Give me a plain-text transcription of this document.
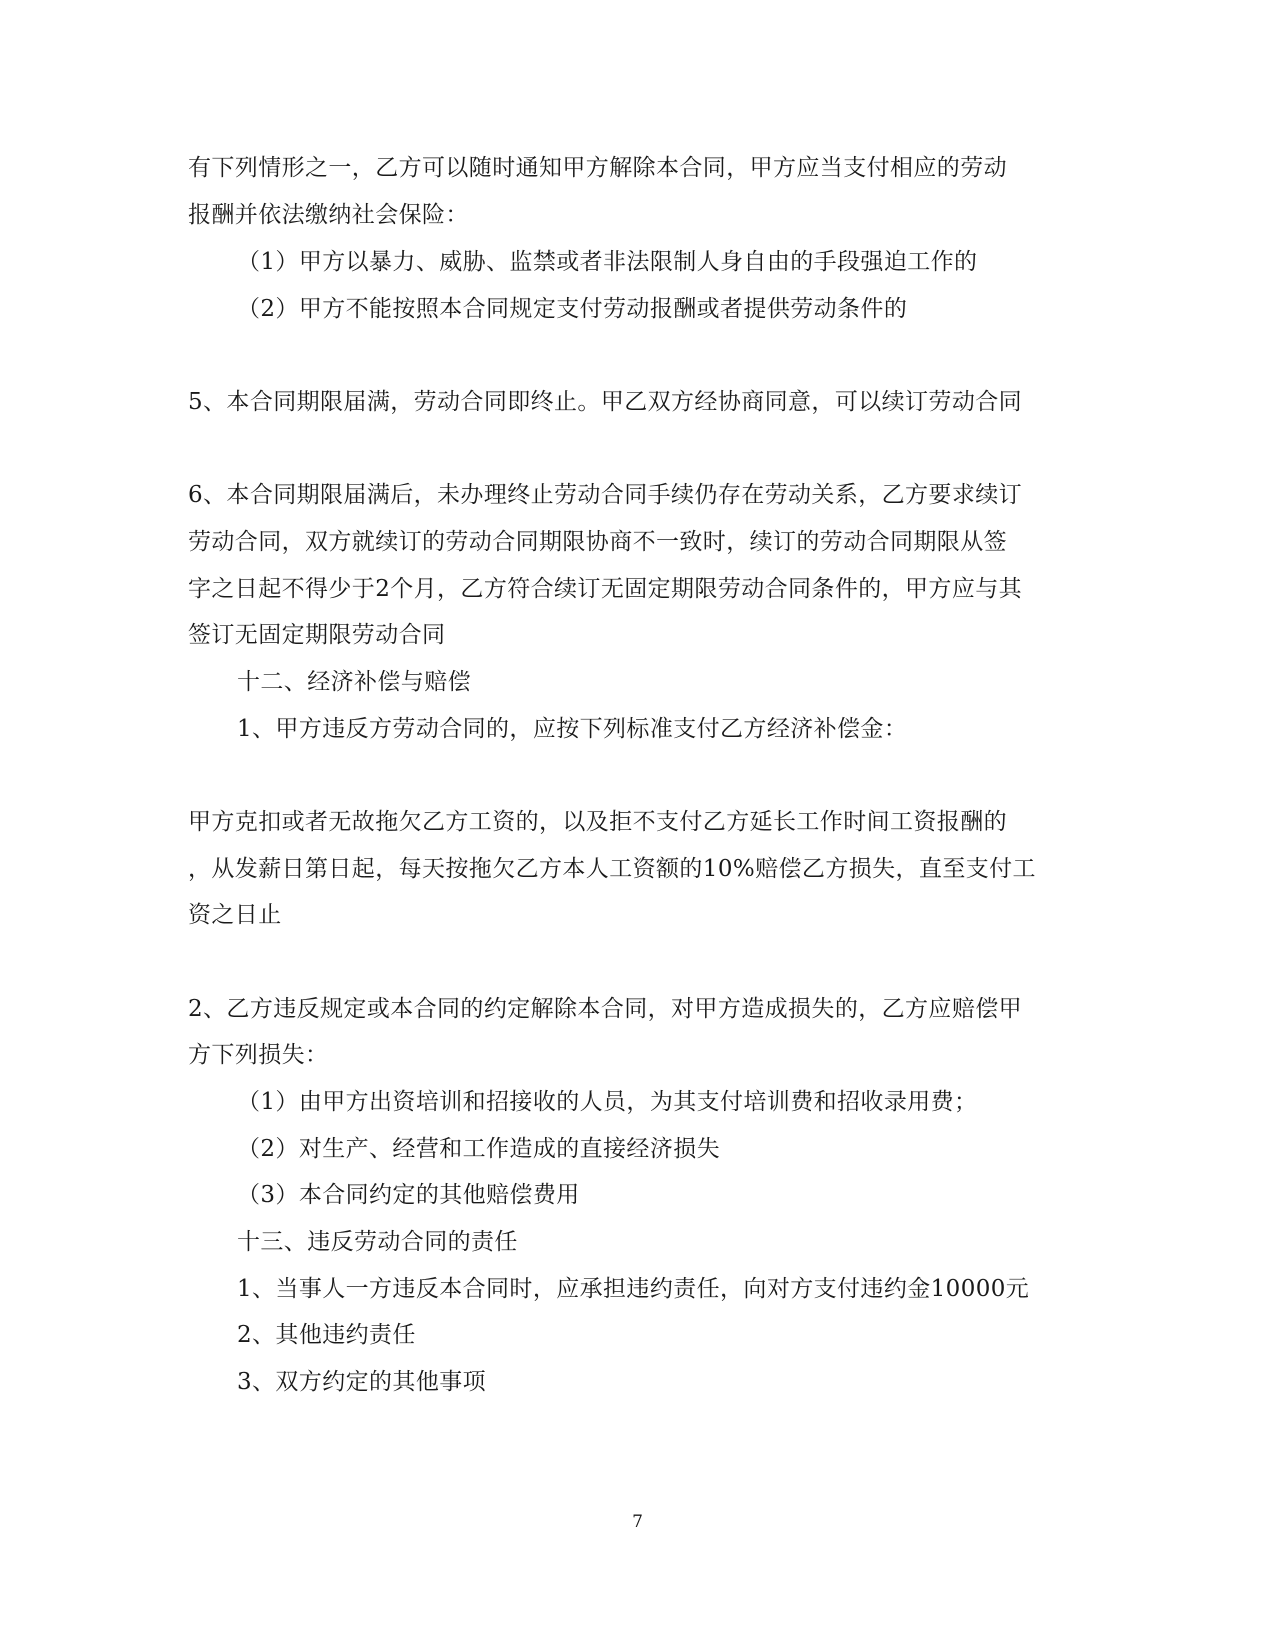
有下列情形之一，乙方可以随时通知甲方解除本合同，甲方应当支付相应的劳动
报酬并依法缴纳社会保险：
（1）甲方以暴力、威胁、监禁或者非法限制人身自由的手段强迫工作的
（2）甲方不能按照本合同规定支付劳动报酬或者提供劳动条件的
5、本合同期限届满，劳动合同即终止。甲乙双方经协商同意，可以续订劳动合同
6、本合同期限届满后，未办理终止劳动合同手续仍存在劳动关系，乙方要求续订
劳动合同，双方就续订的劳动合同期限协商不一致时，续订的劳动合同期限从签
字之日起不得少于2个月，乙方符合续订无固定期限劳动合同条件的，甲方应与其
签订无固定期限劳动合同
十二、经济补偿与赔偿
1、甲方违反方劳动合同的，应按下列标准支付乙方经济补偿金：
甲方克扣或者无故拖欠乙方工资的，以及拒不支付乙方延长工作时间工资报酬的
，从发薪日第日起，每天按拖欠乙方本人工资额的10%赔偿乙方损失，直至支付工
资之日止
2、乙方违反规定或本合同的约定解除本合同，对甲方造成损失的，乙方应赔偿甲
方下列损失：
（1）由甲方出资培训和招接收的人员，为其支付培训费和招收录用费；
（2）对生产、经营和工作造成的直接经济损失
（3）本合同约定的其他赔偿费用
十三、违反劳动合同的责任
1、当事人一方违反本合同时，应承担违约责任，向对方支付违约金10000元
2、其他违约责任
3、双方约定的其他事项
7
